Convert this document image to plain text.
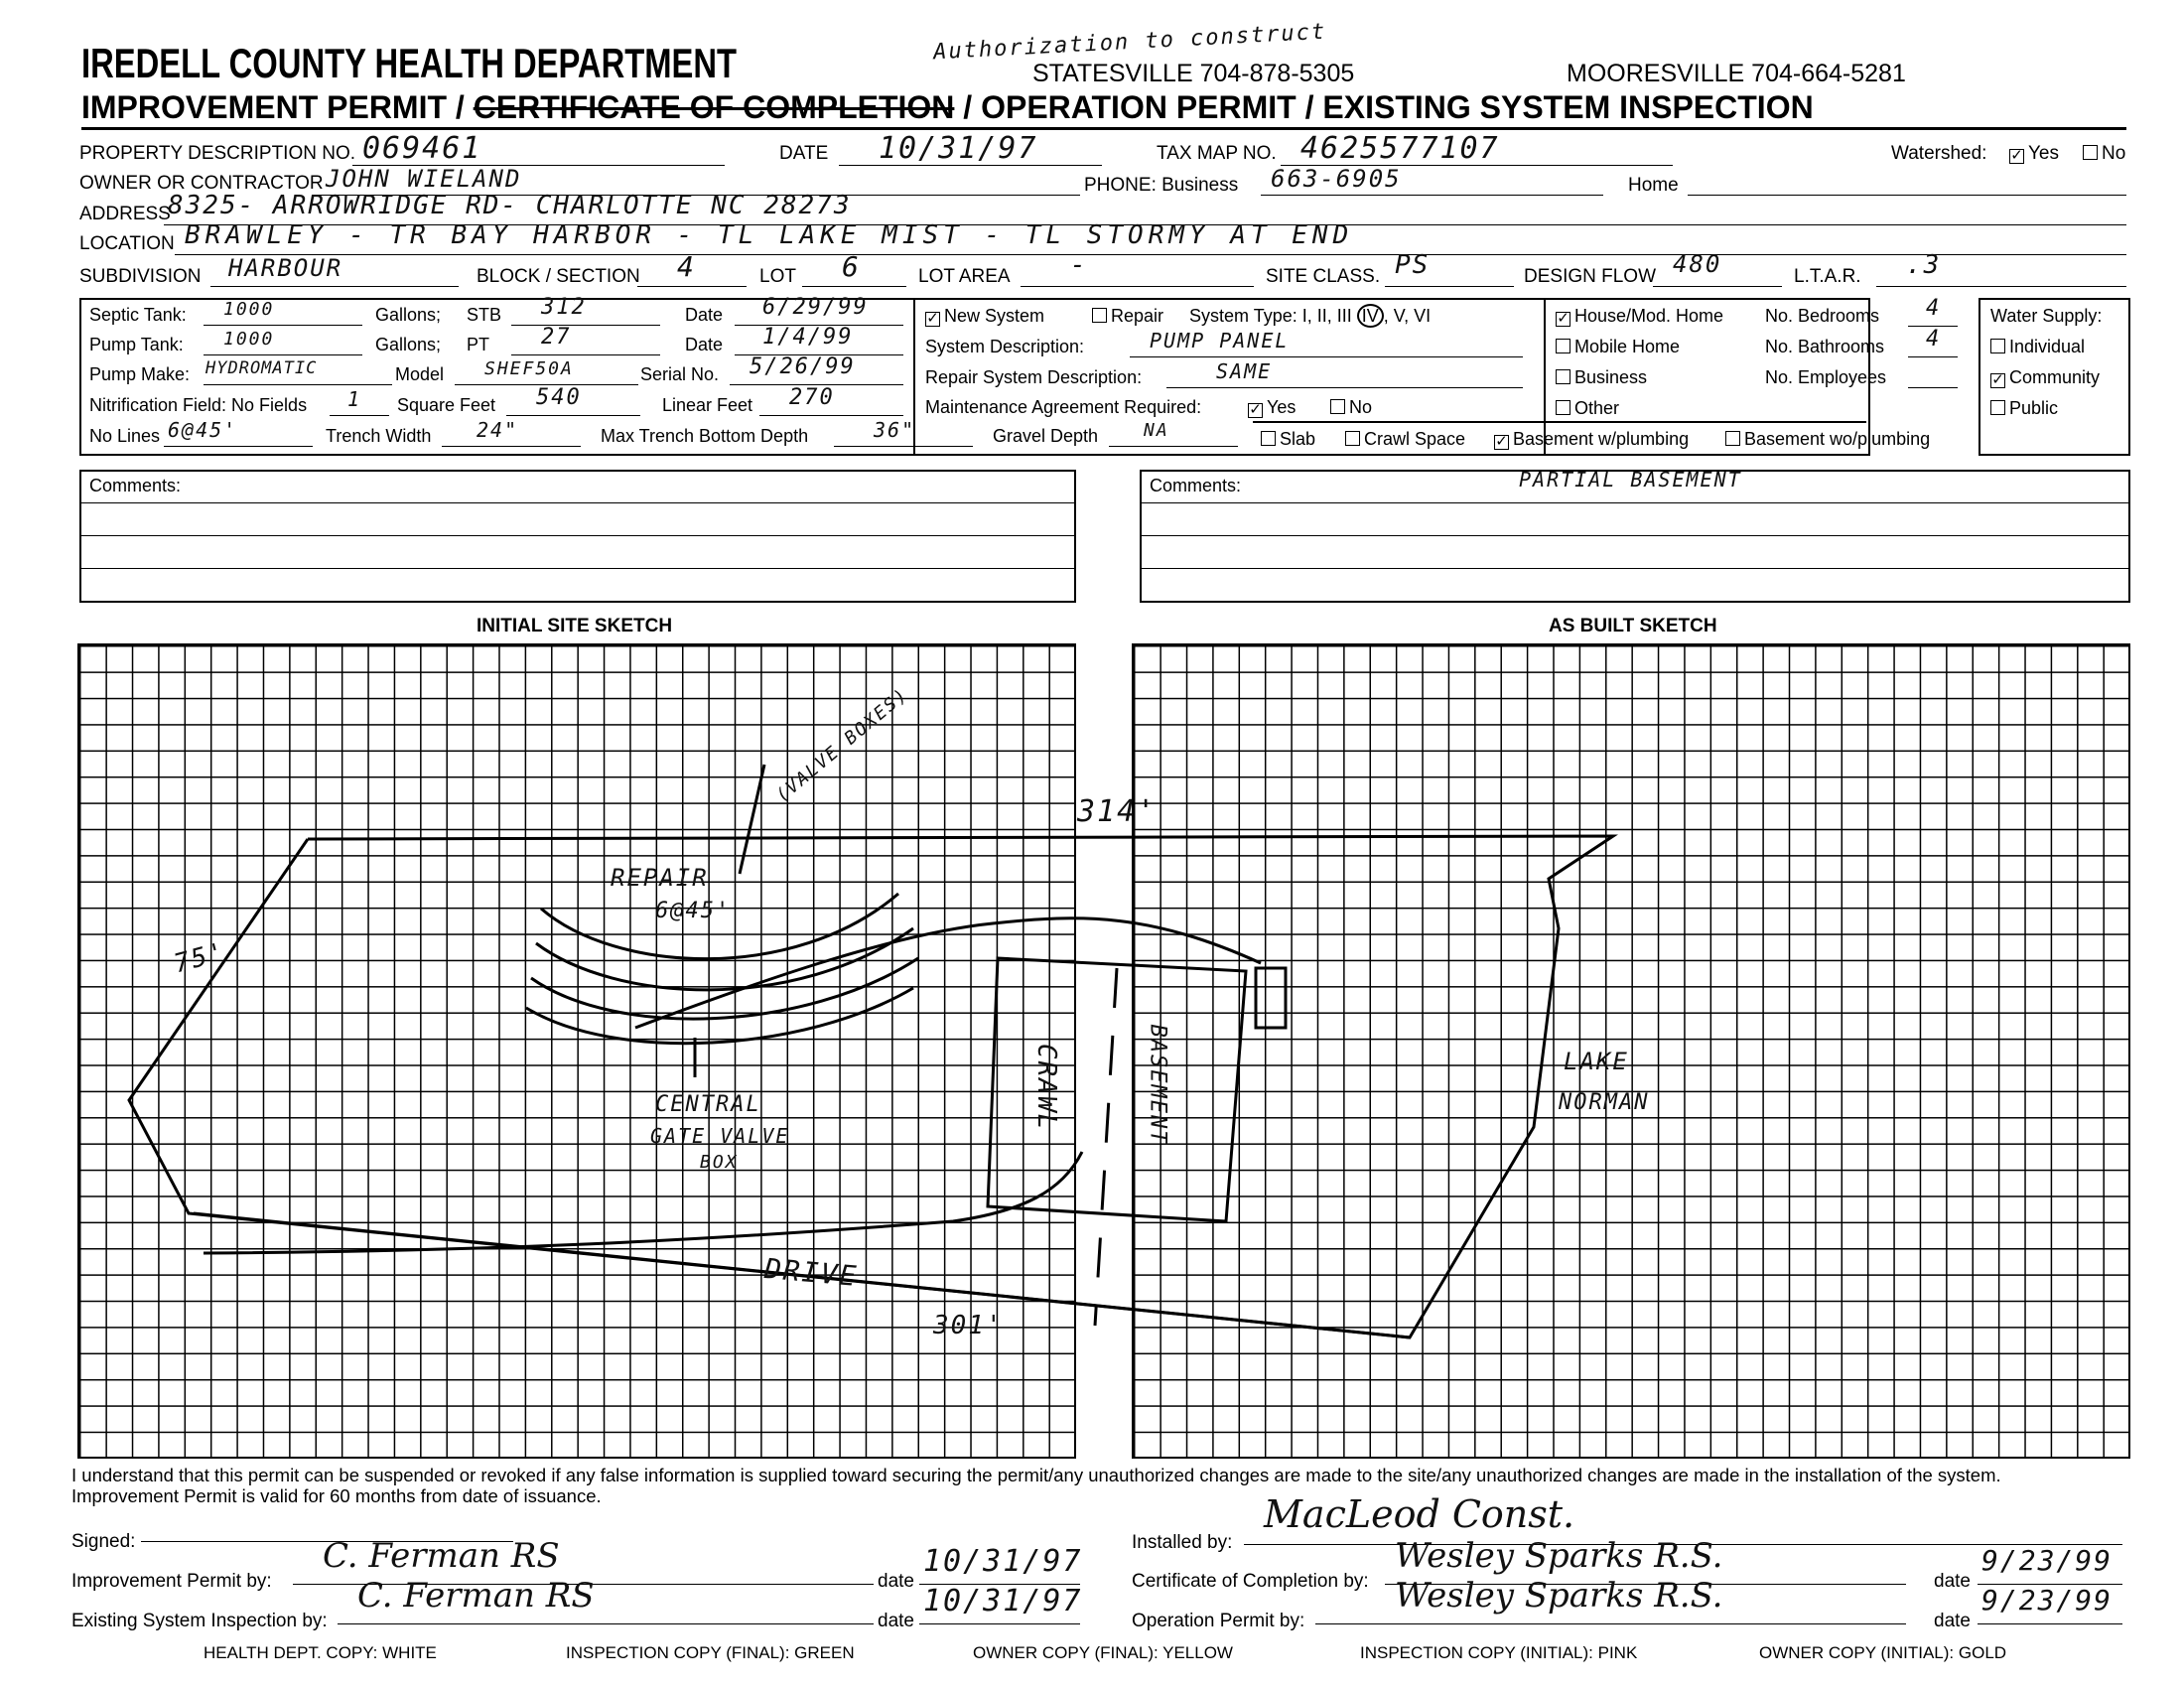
IREDELL COUNTY HEALTH DEPARTMENT	Authorization to construct
STATESVILLE 704-878-5305	MOORESVILLE 704-664-5281
IMPROVEMENT PERMIT / CERTIFICATE OF COMPLETION / OPERATION PERMIT / EXISTING SYSTEM INSPECTION
PROPERTY DESCRIPTION NO. 069461	DATE 10/31/97	TAX MAP NO. 4625577107	Watershed: ✓	Yes	No
OWNER OR CONTRACTOR JOHN WIELAND	PHONE: Business 663-6905	Home
ADDRESS
8325- ARROWRIDGE RD- CHARLOTTE NC 28273
LOCATION BRAWLEY - TR BAY HARBOR - TL LAKE MIST - TL STORMY AT END
SUBDIVISION HARBOUR	BLOCK / SECTION 4	LOT 6	LOT AREA -	SITE CLASS. PS	DESIGN FLOW 480	L.T.A.R. .3
Septic Tank: 1000	Gallons; STB 312	Date 6/29/99
Pump Tank: 1000	Gallons; PT 27	Date 1/4/99
Pump Make: HYDROMATIC	Model SHEF50A	Serial No. 5/26/99
Nitrification Field: No Fields 1 Square Feet 540	Linear Feet 270
No Lines 6@45'	Trench Width 24"	Max Trench Bottom Depth	36"
✓New System	Repair System Type: I, II, III IV , V, VI
System Description:	PUMP PANEL
Repair System Description:	SAME
Maintenance Agreement Required: ✓	Yes	No
Gravel Depth	NA
✓House/Mod. Home
Mobile Home
Business
Other
No. Bedrooms 4
No. Bathrooms 4
No. Employees
Slab	Crawl Space ✓	Basement w/plumbing	Basement wo/plumbing
Water Supply:
Individual
✓Community
Public
Comments:	Comments:	PARTIAL BASEMENT
INITIAL SITE SKETCH	AS BUILT SKETCH
314'
75'
301'
REPAIR
6@45'
(VALVE BOXES)
CENTRAL
GATE VALVE
BOX
CRAWL	BASEMENT	LAKE
NORMAN
DRIVE
I understand that this permit can be suspended or revoked if any false information is supplied toward securing the permit/any unauthorized changes are made to the site/any unauthorized changes are made in the installation of the system.
Improvement Permit is valid for 60 months from date of issuance.
Signed:
Improvement Permit by:
C. Ferman RS
date
10/31/97
Existing System Inspection by:
C. Ferman RS
date
10/31/97
Installed by:
MacLeod Const.
Certificate of Completion by:
Wesley Sparks R.S.
date
9/23/99
Operation Permit by:
Wesley Sparks R.S.
date
9/23/99
HEALTH DEPT. COPY: WHITE	INSPECTION COPY (FINAL): GREEN	OWNER COPY (FINAL): YELLOW	INSPECTION COPY (INITIAL): PINK	OWNER COPY (INITIAL): GOLD
